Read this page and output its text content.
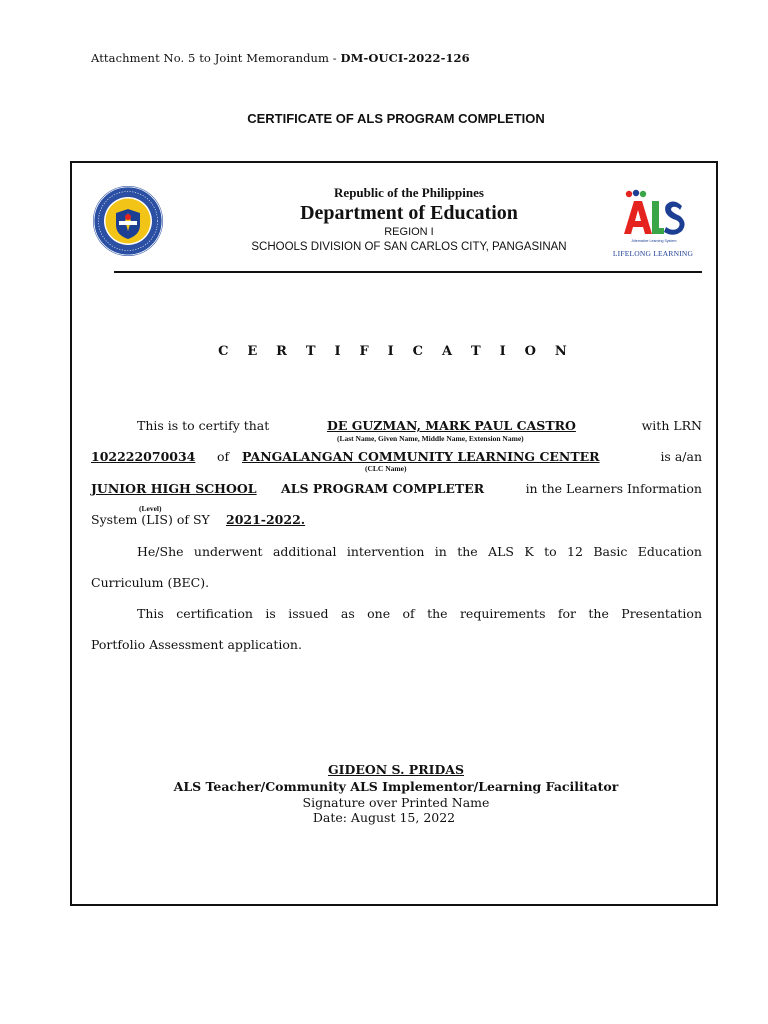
Attachment No. 5 to Joint Memorandum - DM-OUCI-2022-126
CERTIFICATE OF ALS PROGRAM COMPLETION
Alternative Learning System
LIFELONG LEARNING
Republic of the Philippines
Department of Education
REGION I
SCHOOLS DIVISION OF SAN CARLOS CITY, PANGASINAN
C E R T I F I C A T I O N
This is to certify that	DE GUZMAN, MARK PAUL CASTRO	with LRN
(Last Name, Given Name, Middle Name, Extension Name)
102222070034 of PANGALANGAN COMMUNITY LEARNING CENTER	is a/an
(CLC Name)
JUNIOR HIGH SCHOOL ALS PROGRAM COMPLETER	in the Learners Information
(Level)
System (LIS) of SY 2021-2022.
He/She underwent additional intervention in the ALS K to 12 Basic Education
Curriculum (BEC).
This certification is issued as one of the requirements for the Presentation
Portfolio Assessment application.
GIDEON S. PRIDAS
ALS Teacher/Community ALS Implementor/Learning Facilitator
Signature over Printed Name
Date: August 15, 2022
